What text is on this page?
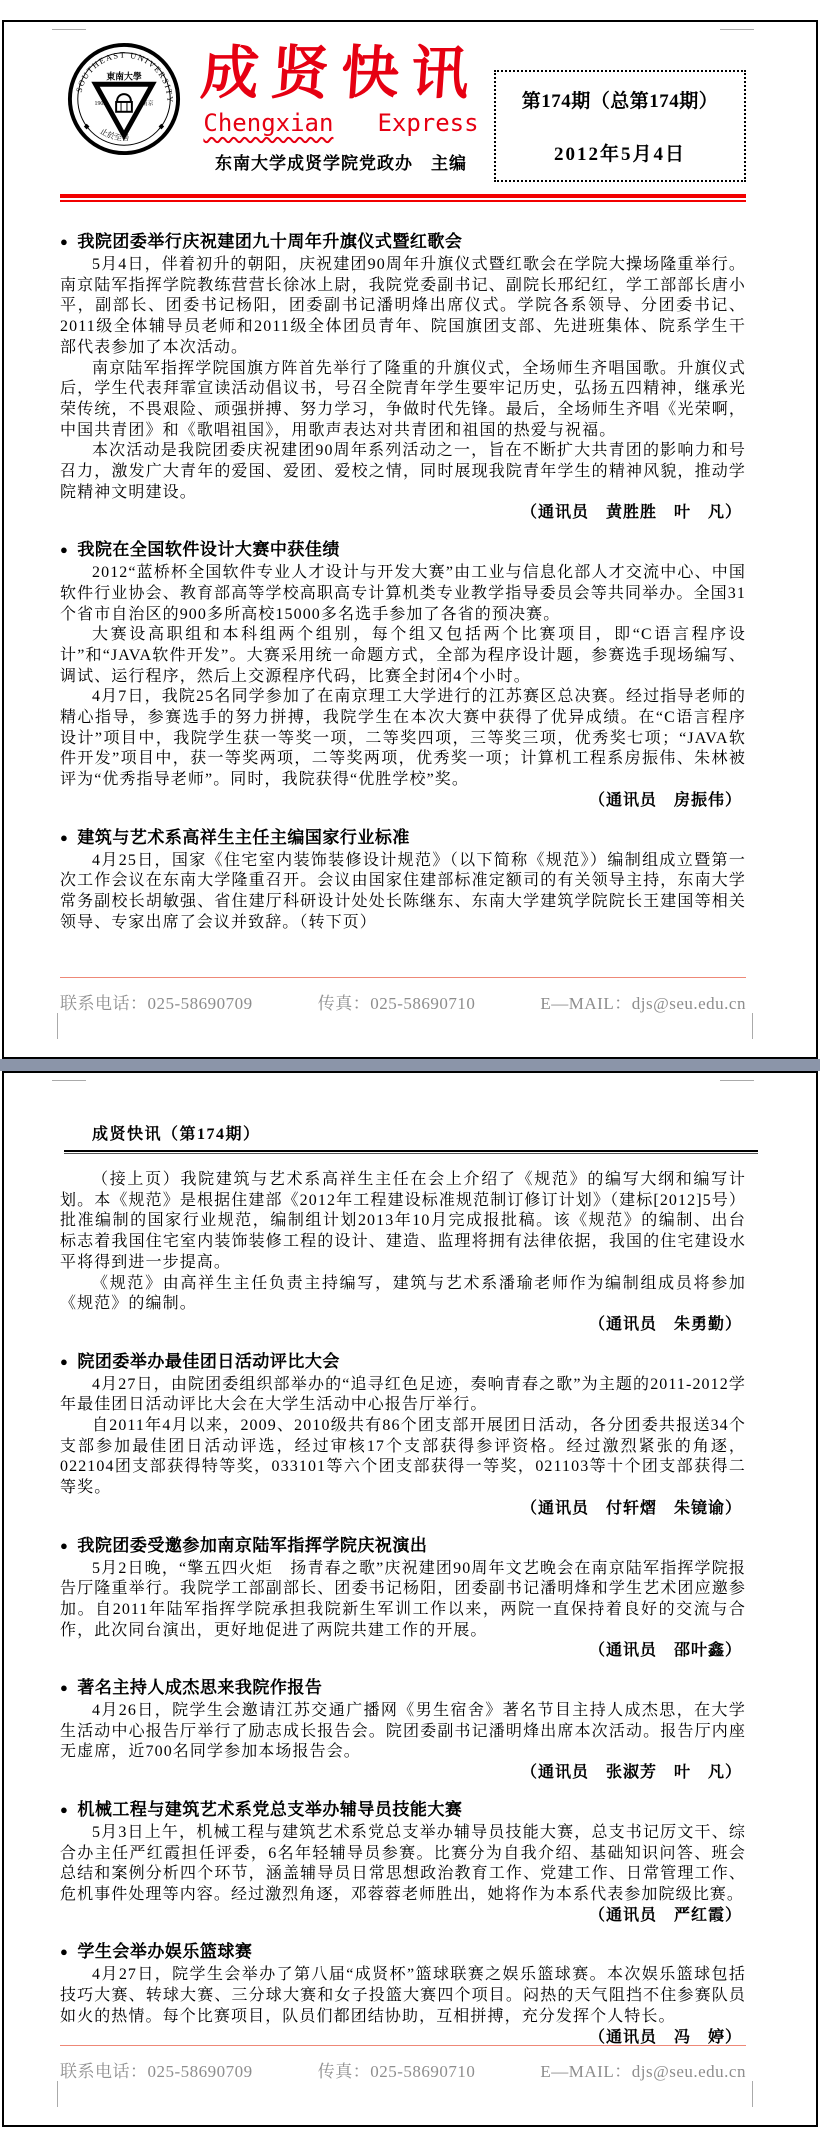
SOUTHEAST UNIVERSITY
東南大學
1902	南京
止於至善
成贤快讯
Chengxian Express
东南大学成贤学院党政办　主编
第174期（总第174期）
2012年5月4日
● 我院团委举行庆祝建团九十周年升旗仪式暨红歌会

5月4日，伴着初升的朝阳，庆祝建团90周年升旗仪式暨红歌会在学院大操场隆重举行。南京陆军指挥学院教练营营长徐冰上尉，我院党委副书记、副院长邢纪红，学工部部长唐小平，副部长、团委书记杨阳，团委副书记潘明烽出席仪式。学院各系领导、分团委书记、2011级全体辅导员老师和2011级全体团员青年、院国旗团支部、先进班集体、院系学生干部代表参加了本次活动。

南京陆军指挥学院国旗方阵首先举行了隆重的升旗仪式，全场师生齐唱国歌。升旗仪式后，学生代表拜霏宣读活动倡议书，号召全院青年学生要牢记历史，弘扬五四精神，继承光荣传统，不畏艰险、顽强拼搏、努力学习，争做时代先锋。最后，全场师生齐唱《光荣啊，中国共青团》和《歌唱祖国》，用歌声表达对共青团和祖国的热爱与祝福。

本次活动是我院团委庆祝建团90周年系列活动之一，旨在不断扩大共青团的影响力和号召力，激发广大青年的爱国、爱团、爱校之情，同时展现我院青年学生的精神风貌，推动学院精神文明建设。

（通讯员　黄胜胜　叶　凡）

● 我院在全国软件设计大赛中获佳绩

2012“蓝桥杯全国软件专业人才设计与开发大赛”由工业与信息化部人才交流中心、中国软件行业协会、教育部高等学校高职高专计算机类专业教学指导委员会等共同举办。全国31个省市自治区的900多所高校15000多名选手参加了各省的预决赛。

大赛设高职组和本科组两个组别，每个组又包括两个比赛项目，即“C语言程序设计”和“JAVA软件开发”。大赛采用统一命题方式，全部为程序设计题，参赛选手现场编写、调试、运行程序，然后上交源程序代码，比赛全封闭4个小时。

4月7日，我院25名同学参加了在南京理工大学进行的江苏赛区总决赛。经过指导老师的精心指导，参赛选手的努力拼搏，我院学生在本次大赛中获得了优异成绩。在“C语言程序设计”项目中，我院学生获一等奖一项，二等奖四项，三等奖三项，优秀奖七项；“JAVA软件开发”项目中，获一等奖两项，二等奖两项，优秀奖一项；计算机工程系房振伟、朱林被评为“优秀指导老师”。同时，我院获得“优胜学校”奖。

（通讯员　房振伟）

● 建筑与艺术系高祥生主任主编国家行业标准

4月25日，国家《住宅室内装饰装修设计规范》（以下简称《规范》）编制组成立暨第一次工作会议在东南大学隆重召开。会议由国家住建部标准定额司的有关领导主持，东南大学常务副校长胡敏强、省住建厅科研设计处处长陈继东、东南大学建筑学院院长王建国等相关领导、专家出席了会议并致辞。（转下页）

联系电话：025-58690709	传真：025-58690710	E—MAIL：djs@seu.edu.cn
成贤快讯（第174期）

（接上页）我院建筑与艺术系高祥生主任在会上介绍了《规范》的编写大纲和编写计划。本《规范》是根据住建部《2012年工程建设标准规范制订修订计划》（建标[2012]5号）批准编制的国家行业规范，编制组计划2013年10月完成报批稿。该《规范》的编制、出台标志着我国住宅室内装饰装修工程的设计、建造、监理将拥有法律依据，我国的住宅建设水平将得到进一步提高。

《规范》由高祥生主任负责主持编写，建筑与艺术系潘瑜老师作为编制组成员将参加《规范》的编制。

（通讯员　朱勇勤）

● 院团委举办最佳团日活动评比大会

4月27日，由院团委组织部举办的“追寻红色足迹，奏响青春之歌”为主题的2011-2012学年最佳团日活动评比大会在大学生活动中心报告厅举行。

自2011年4月以来，2009、2010级共有86个团支部开展团日活动，各分团委共报送34个支部参加最佳团日活动评选，经过审核17个支部获得参评资格。经过激烈紧张的角逐，022104团支部获得特等奖，033101等六个团支部获得一等奖，021103等十个团支部获得二等奖。

（通讯员　付轩熠　朱镜谕）

● 我院团委受邀参加南京陆军指挥学院庆祝演出

5月2日晚，“擎五四火炬　扬青春之歌”庆祝建团90周年文艺晚会在南京陆军指挥学院报告厅隆重举行。我院学工部副部长、团委书记杨阳，团委副书记潘明烽和学生艺术团应邀参加。自2011年陆军指挥学院承担我院新生军训工作以来，两院一直保持着良好的交流与合作，此次同台演出，更好地促进了两院共建工作的开展。

（通讯员　邵叶鑫）

● 著名主持人成杰思来我院作报告

4月26日，院学生会邀请江苏交通广播网《男生宿舍》著名节目主持人成杰思，在大学生活动中心报告厅举行了励志成长报告会。院团委副书记潘明烽出席本次活动。报告厅内座无虚席，近700名同学参加本场报告会。

（通讯员　张淑芳　叶　凡）

● 机械工程与建筑艺术系党总支举办辅导员技能大赛

5月3日上午，机械工程与建筑艺术系党总支举办辅导员技能大赛，总支书记厉文干、综合办主任严红霞担任评委，6名年轻辅导员参赛。比赛分为自我介绍、基础知识问答、班会总结和案例分析四个环节，涵盖辅导员日常思想政治教育工作、党建工作、日常管理工作、危机事件处理等内容。经过激烈角逐，邓蓉蓉老师胜出，她将作为本系代表参加院级比赛。

（通讯员　严红霞）

● 学生会举办娱乐篮球赛

4月27日，院学生会举办了第八届“成贤杯”篮球联赛之娱乐篮球赛。本次娱乐篮球包括技巧大赛、转球大赛、三分球大赛和女子投篮大赛四个项目。闷热的天气阻挡不住参赛队员如火的热情。每个比赛项目，队员们都团结协助，互相拼搏，充分发挥个人特长。

（通讯员　冯　婷）

联系电话：025-58690709	传真：025-58690710	E—MAIL：djs@seu.edu.cn
